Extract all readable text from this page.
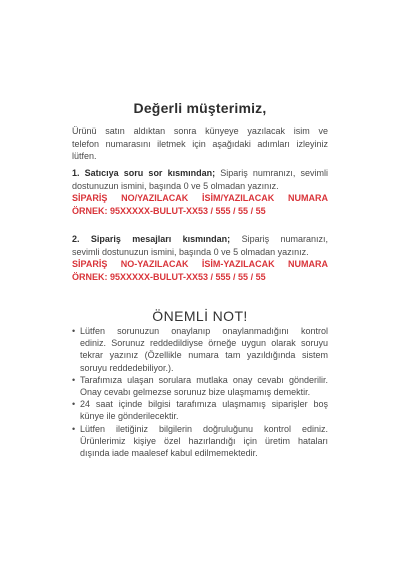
Değerli müşterimiz,
Ürünü satın aldıktan sonra künyeye yazılacak isim ve
telefon numarasını iletmek için aşağıdaki adımları izleyiniz
lütfen.
1. Satıcıya soru sor kısmından; Sipariş numranızı, sevimli
dostunuzun ismini, başında 0 ve 5 olmadan yazınız.
SİPARİŞ NO/YAZILACAK İSİM/YAZILACAK NUMARA
ÖRNEK: 95XXXXX-BULUT-XX53 / 555 / 55 / 55
2. Sipariş mesajları kısmından; Sipariş numaranızı,
sevimli dostunuzun ismini, başında 0 ve 5 olmadan yazınız.
SİPARİŞ NO-YAZILACAK İSİM-YAZILACAK NUMARA
ÖRNEK: 95XXXXX-BULUT-XX53 / 555 / 55 / 55
ÖNEMLİ NOT!
• Lütfen sorunuzun onaylanıp onaylanmadığını kontrol
ediniz. Sorunuz reddedildiyse örneğe uygun olarak soruyu
tekrar yazınız (Özellikle numara tam yazıldığında sistem
soruyu reddedebiliyor.).
• Tarafımıza ulaşan sorulara mutlaka onay cevabı gönderilir.
Onay cevabı gelmezse sorunuz bize ulaşmamış demektir.
• 24 saat içinde bilgisi tarafımıza ulaşmamış siparişler boş
künye ile gönderilecektir.
• Lütfen iletiğiniz bilgilerin doğruluğunu kontrol ediniz.
Ürünlerimiz kişiye özel hazırlandığı için üretim hataları
dışında iade maalesef kabul edilmemektedir.
